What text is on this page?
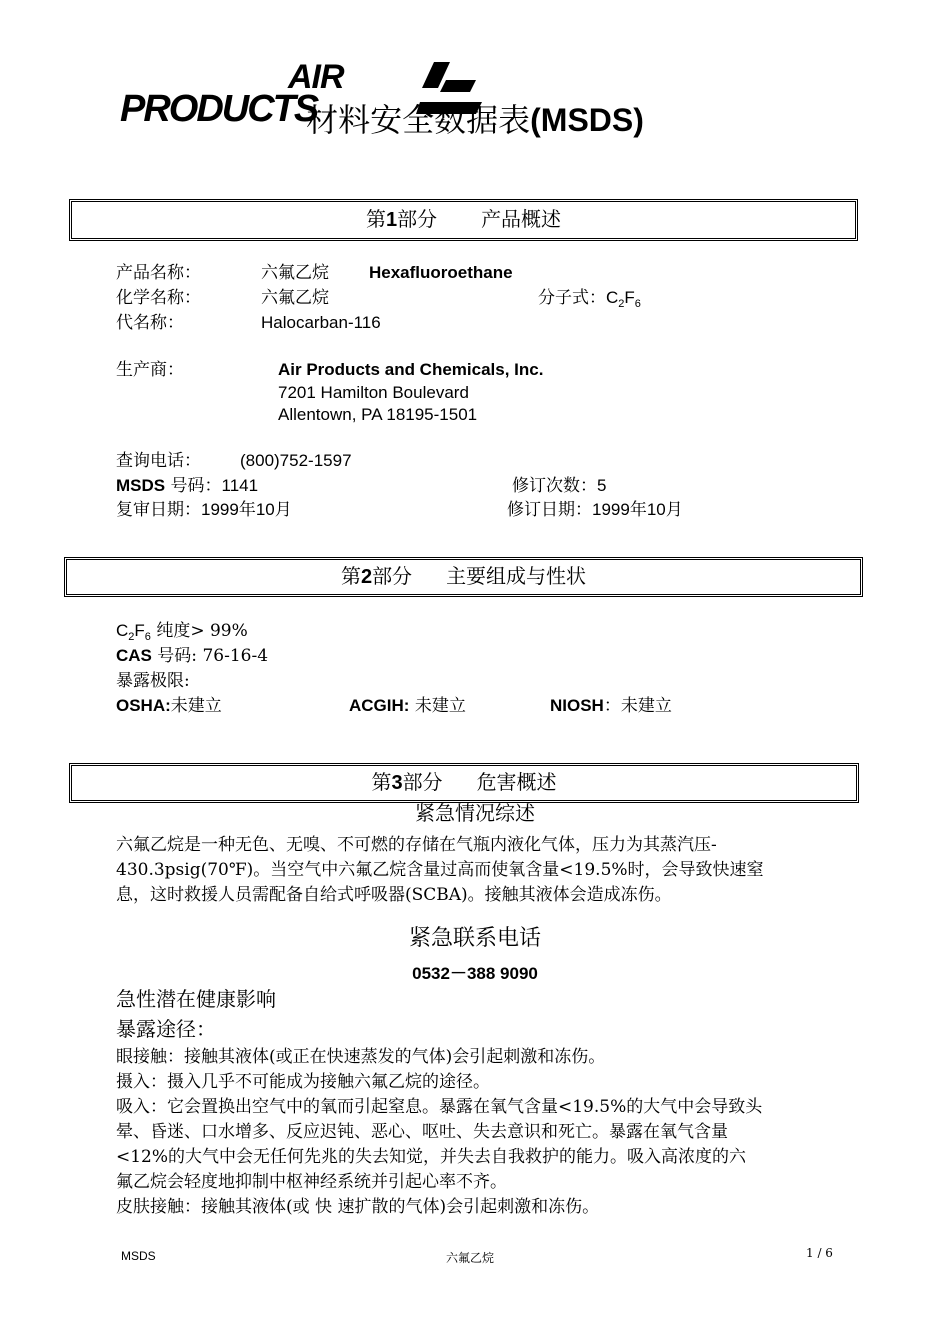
AIR
PRODUCTS
材料安全数据表(MSDS)
第1部分 产品概述
产品名称：	六氟乙烷 Hexafluoroethane
化学名称：	六氟乙烷	分子式：$C_2F_6$
代名称：	Halocarban-116
生产商：	Air Products and Chemicals, Inc.
7201 Hamilton Boulevard
Allentown, PA 18195-1501
查询电话： (800)752-1597
MSDS 号码：1141	修订次数：5
复审日期：1999年10月	修订日期：1999年10月
第2部分 主要组成与性状
$C_2F_6$ 纯度> 99%
CAS 号码: 76-16-4
暴露极限:
OSHA:未建立	ACGIH: 未建立	NIOSH：未建立
第3部分 危害概述
紧急情况综述
六氟乙烷是一种无色、无嗅、不可燃的存储在气瓶内液化气体，压力为其蒸汽压-
430.3psig(70℉)。当空气中六氟乙烷含量过高而使氧含量<19.5%时，会导致快速窒
息，这时救援人员需配备自给式呼吸器(SCBA)。接触其液体会造成冻伤。
紧急联系电话
0532－388 9090
急性潜在健康影响
暴露途径：
眼接触：接触其液体(或正在快速蒸发的气体)会引起刺激和冻伤。
摄入：摄入几乎不可能成为接触六氟乙烷的途径。
吸入：它会置换出空气中的氧而引起窒息。暴露在氧气含量<19.5%的大气中会导致头
晕、昏迷、口水增多、反应迟钝、恶心、呕吐、失去意识和死亡。暴露在氧气含量
<12%的大气中会无任何先兆的失去知觉，并失去自我救护的能力。吸入高浓度的六
氟乙烷会轻度地抑制中枢神经系统并引起心率不齐。
皮肤接触：接触其液体(或 快 速扩散的气体)会引起刺激和冻伤。
MSDS	六氟乙烷	1 / 6
